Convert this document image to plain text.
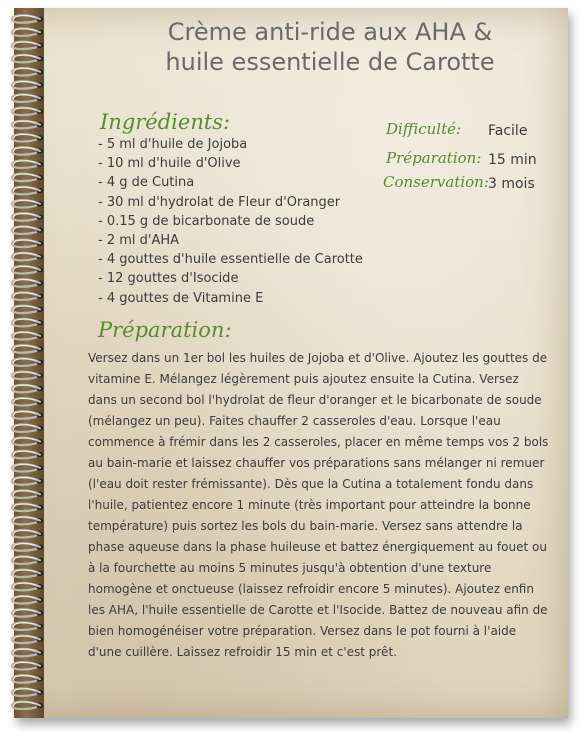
Crème anti-ride aux AHA &
huile essentielle de Carotte
Ingrédients:
- 5 ml d'huile de Jojoba
- 10 ml d'huile d'Olive
- 4 g de Cutina
- 30 ml d'hydrolat de Fleur d'Oranger
- 0.15 g de bicarbonate de soude
- 2 ml d'AHA
- 4 gouttes d'huile essentielle de Carotte
- 12 gouttes d'Isocide
- 4 gouttes de Vitamine E
Difficulté: Facile
Préparation: 15 min
Conservation: 3 mois
Préparation:

Versez dans un 1er bol les huiles de Jojoba et d'Olive. Ajoutez les gouttes de vitamine E. Mélangez légèrement puis ajoutez ensuite la Cutina. Versez dans un second bol l'hydrolat de fleur d'oranger et le bicarbonate de soude (mélangez un peu). Faites chauffer 2 casseroles d'eau. Lorsque l'eau commence à frémir dans les 2 casseroles, placer en même temps vos 2 bols au bain-marie et laissez chauffer vos préparations sans mélanger ni remuer (l'eau doit rester frémissante). Dès que la Cutina a totalement fondu dans l'huile, patientez encore 1 minute (très important pour atteindre la bonne température) puis sortez les bols du bain-marie. Versez sans attendre la phase aqueuse dans la phase huileuse et battez énergiquement au fouet ou à la fourchette au moins 5 minutes jusqu'à obtention d'une texture homogène et onctueuse (laissez refroidir encore 5 minutes). Ajoutez enfin les AHA, l'huile essentielle de Carotte et l'Isocide. Battez de nouveau afin de bien homogénéiser votre préparation. Versez dans le pot fourni à l'aide d'une cuillère. Laissez refroidir 15 min et c'est prêt.
